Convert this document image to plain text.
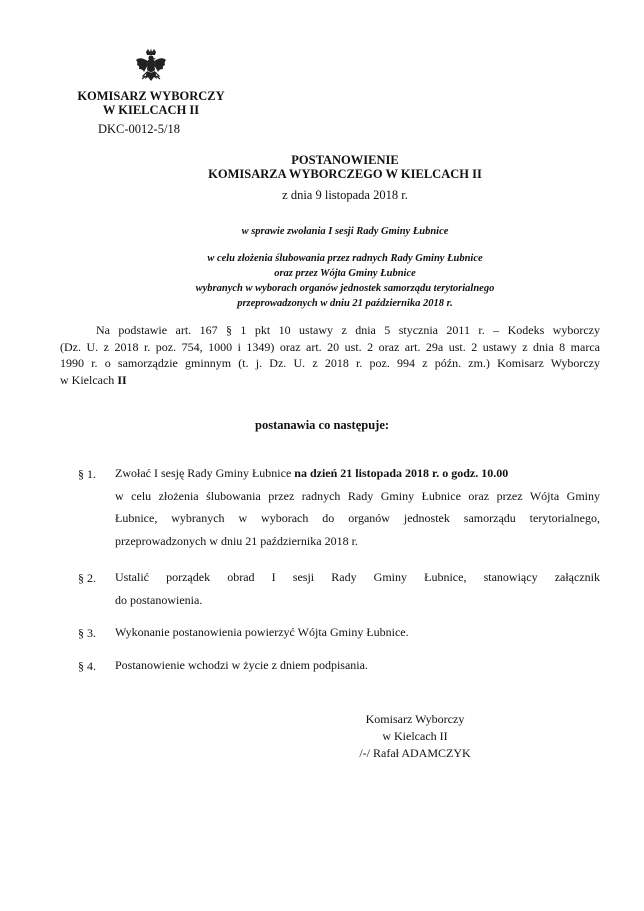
KOMISARZ WYBORCZY
W KIELCACH II
DKC-0012-5/18
POSTANOWIENIE
KOMISARZA WYBORCZEGO W KIELCACH II
z dnia 9 listopada 2018 r.
w sprawie zwołania I sesji Rady Gminy Łubnice
w celu złożenia ślubowania przez radnych Rady Gminy Łubnice
oraz przez Wójta Gminy Łubnice
wybranych w wyborach organów jednostek samorządu terytorialnego
przeprowadzonych w dniu 21 października 2018 r.
Na podstawie art. 167 § 1 pkt 10 ustawy z dnia 5 stycznia 2011 r. – Kodeks wyborczy
(Dz. U. z 2018 r. poz. 754, 1000 i 1349) oraz art. 20 ust. 2 oraz art. 29a ust. 2 ustawy z dnia 8 marca
1990 r. o samorządzie gminnym (t. j. Dz. U. z 2018 r. poz. 994 z późn. zm.) Komisarz Wyborczy
w Kielcach II
postanawia co następuje:
§ 1. Zwołać I sesję Rady Gminy Łubnice na dzień 21 listopada 2018 r. o godz. 10.00
w celu złożenia ślubowania przez radnych Rady Gminy Łubnice oraz przez Wójta Gminy
Łubnice, wybranych w wyborach do organów jednostek samorządu terytorialnego,
przeprowadzonych w dniu 21 października 2018 r.
§ 2. Ustalić porządek obrad I sesji Rady Gminy Łubnice, stanowiący załącznik
do postanowienia.
§ 3. Wykonanie postanowienia powierzyć Wójta Gminy Łubnice.
§ 4. Postanowienie wchodzi w życie z dniem podpisania.
Komisarz Wyborczy
w Kielcach II
/-/ Rafał ADAMCZYK
